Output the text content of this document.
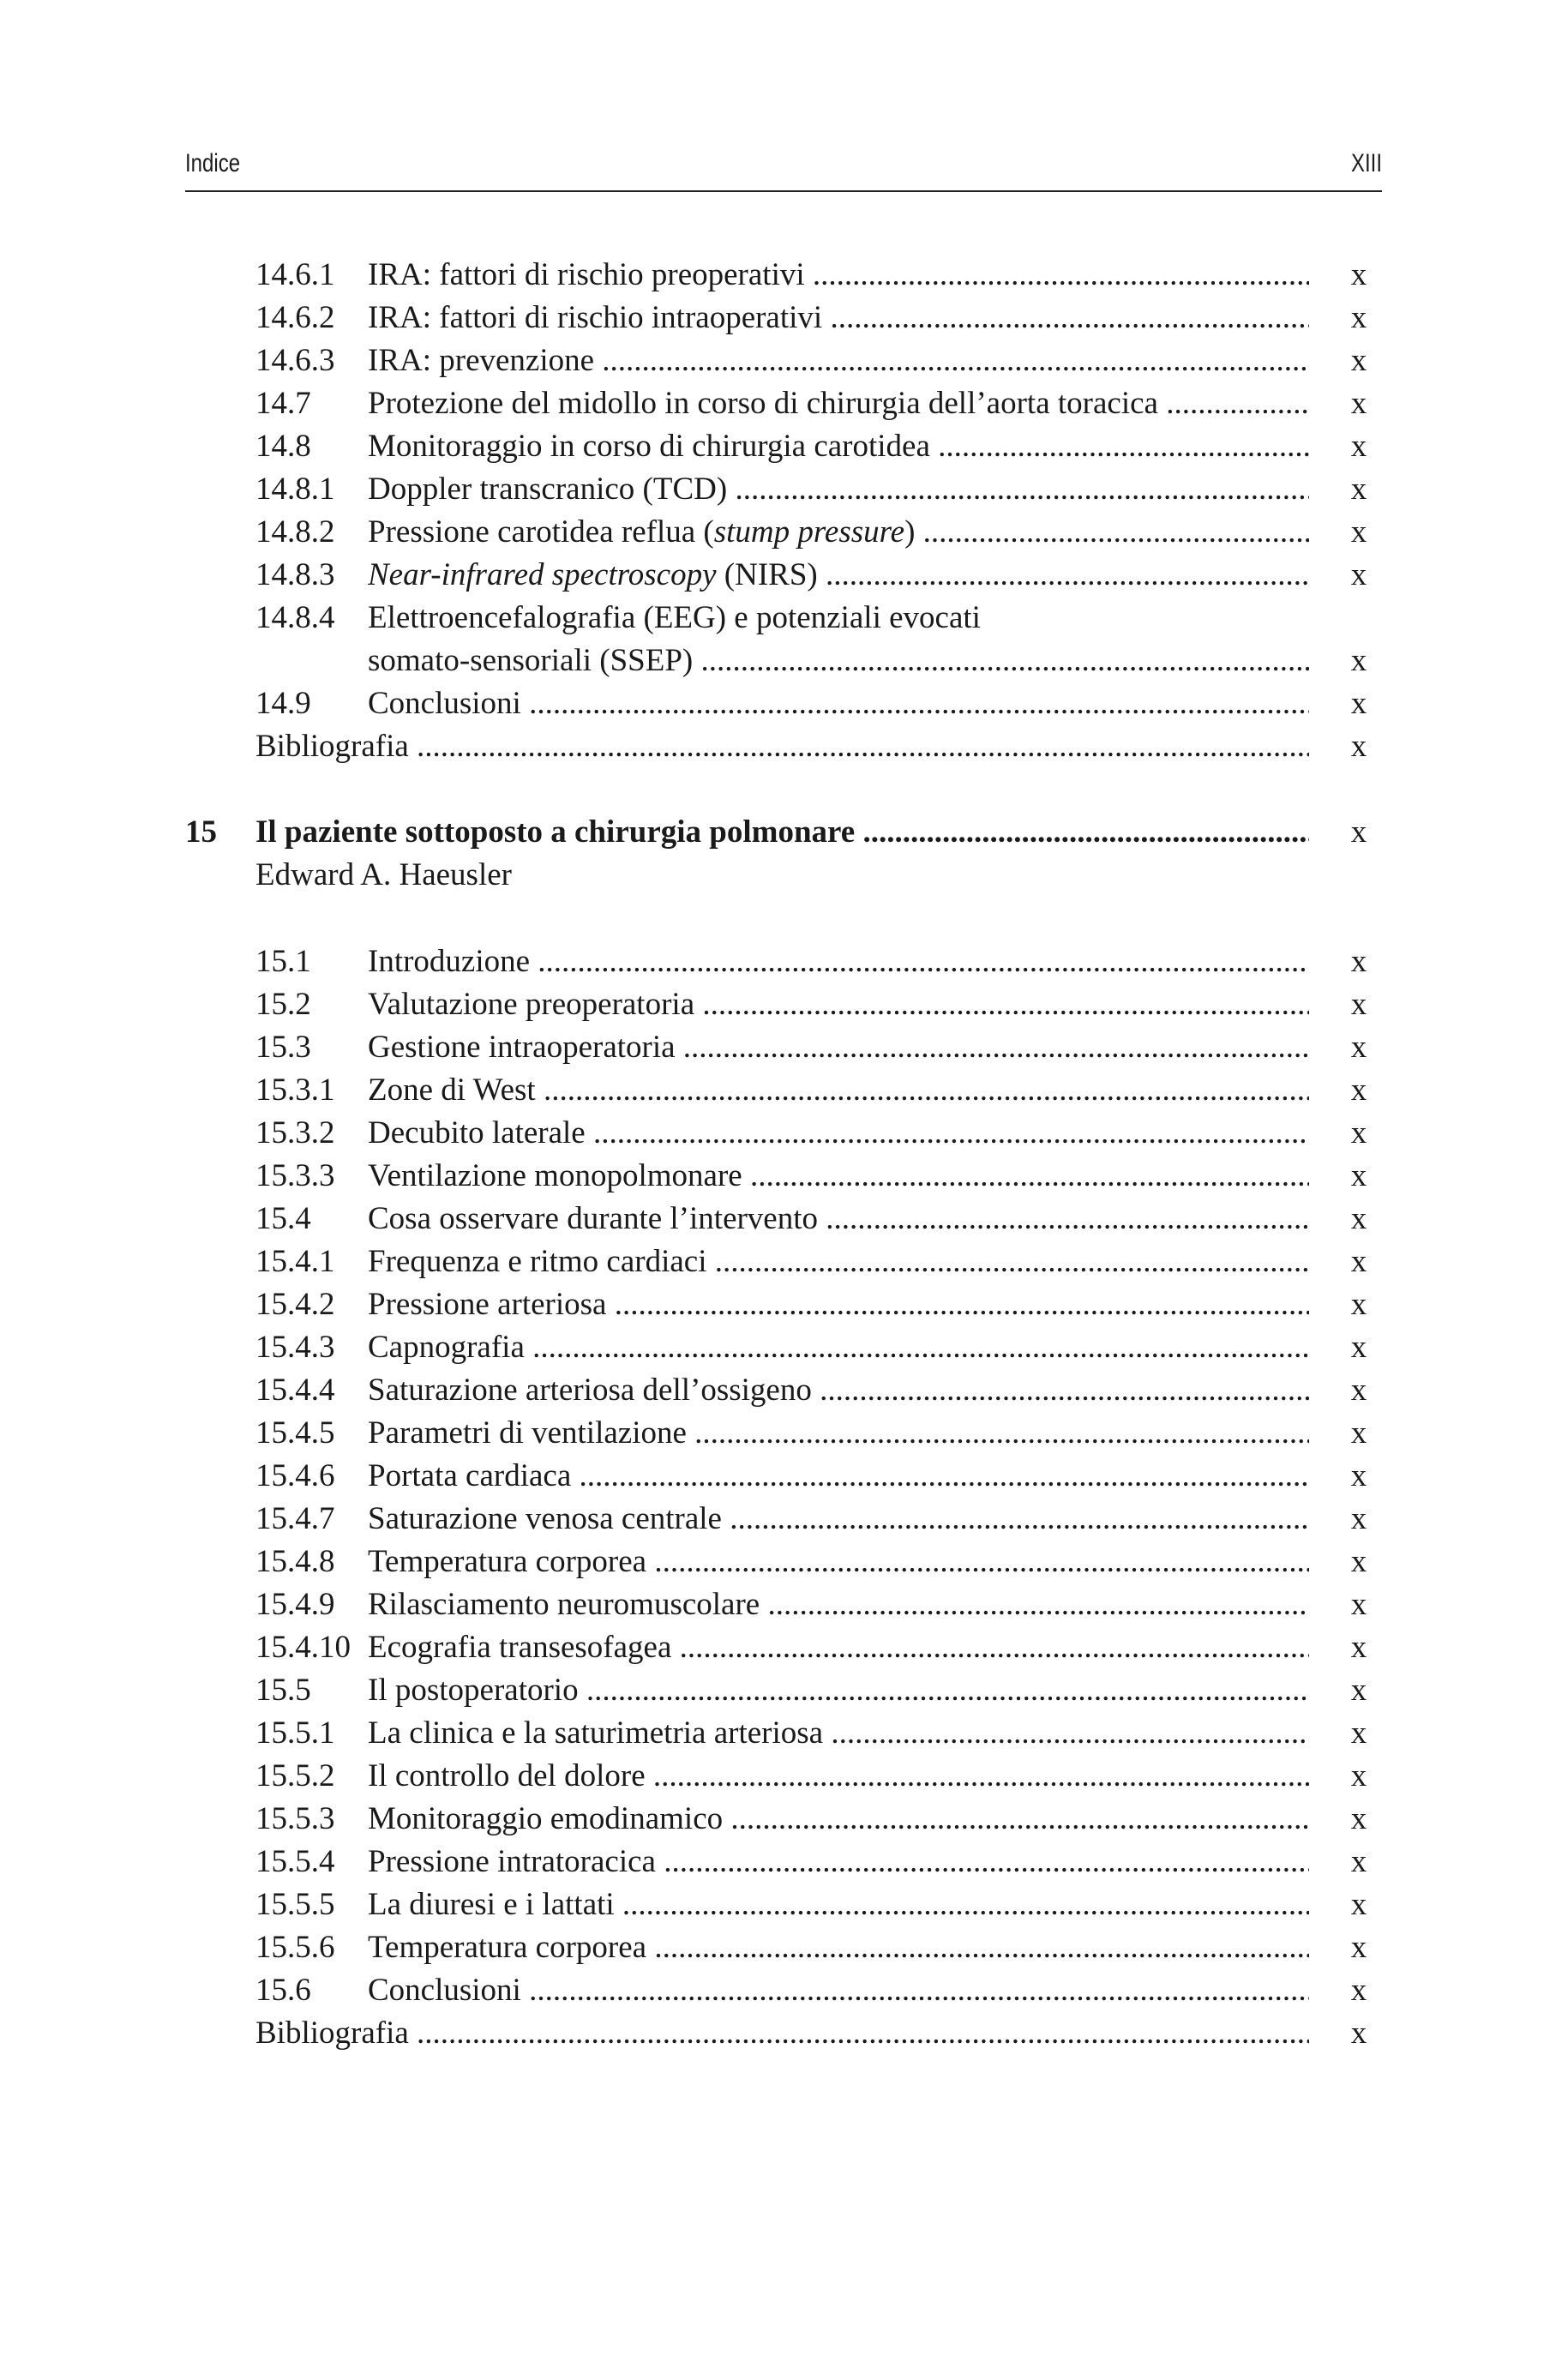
Indice	XIII
14.6.1 IRA: fattori di rischio preoperativi .....	x
14.6.2 IRA: fattori di rischio intraoperativi .....	x
14.6.3 IRA: prevenzione .....	x
14.7 Protezione del midollo in corso di chirurgia dell’aorta toracica .....	x
14.8 Monitoraggio in corso di chirurgia carotidea .....	x
14.8.1 Doppler transcranico (TCD) .....	x
14.8.2 Pressione carotidea reflua (stump pressure) .....	x
14.8.3 Near-infrared spectroscopy (NIRS) .....	x
14.8.4 Elettroencefalografia (EEG) e potenziali evocati
somato-sensoriali (SSEP) .....	x
14.9 Conclusioni .....	x
Bibliografia .....	x
15 Il paziente sottoposto a chirurgia polmonare .....	x
Edward A. Haeusler
15.1 Introduzione .....	x
15.2 Valutazione preoperatoria .....	x
15.3 Gestione intraoperatoria .....	x
15.3.1 Zone di West .....	x
15.3.2 Decubito laterale .....	x
15.3.3 Ventilazione monopolmonare .....	x
15.4 Cosa osservare durante l’intervento .....	x
15.4.1 Frequenza e ritmo cardiaci .....	x
15.4.2 Pressione arteriosa .....	x
15.4.3 Capnografia .....	x
15.4.4 Saturazione arteriosa dell’ossigeno .....	x
15.4.5 Parametri di ventilazione .....	x
15.4.6 Portata cardiaca .....	x
15.4.7 Saturazione venosa centrale .....	x
15.4.8 Temperatura corporea .....	x
15.4.9 Rilasciamento neuromuscolare .....	x
15.4.10 Ecografia transesofagea .....	x
15.5 Il postoperatorio .....	x
15.5.1 La clinica e la saturimetria arteriosa .....	x
15.5.2 Il controllo del dolore .....	x
15.5.3 Monitoraggio emodinamico .....	x
15.5.4 Pressione intratoracica .....	x
15.5.5 La diuresi e i lattati .....	x
15.5.6 Temperatura corporea .....	x
15.6 Conclusioni .....	x
Bibliografia .....	x
